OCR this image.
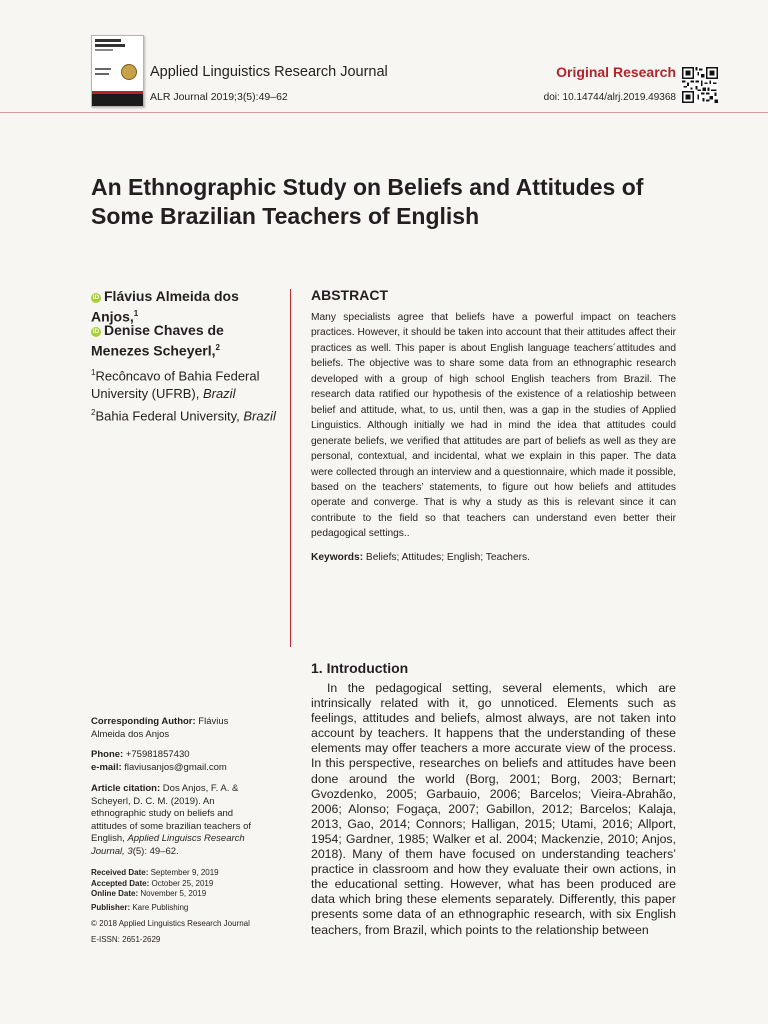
Applied Linguistics Research Journal
ALR Journal 2019;3(5):49–62
Original Research
doi: 10.14744/alrj.2019.49368
An Ethnographic Study on Beliefs and Attitudes of Some Brazilian Teachers of English
iD Flávius Almeida dos Anjos,$^1$
iD Denise Chaves de Menezes Scheyerl,$^2$
$^1$Recôncavo of Bahia Federal University (UFRB), Brazil
$^2$Bahia Federal University, Brazil
Corresponding Author: Flávius Almeida dos Anjos
Phone: +75981857430
e-mail: flaviusanjos@gmail.com
Article citation: Dos Anjos, F. A. & Scheyerl, D. C. M. (2019). An ethnographic study on beliefs and attitudes of some brazilian teachers of English, Applied Linguiscs Research Journal, 3(5): 49–62.
Received Date: September 9, 2019
Accepted Date: October 25, 2019
Online Date: November 5, 2019
Publisher: Kare Publishing
© 2018 Applied Linguistics Research Journal
E-ISSN: 2651-2629
ABSTRACT
Many specialists agree that beliefs have a powerful impact on teachers practices. However, it should be taken into account that their attitudes affect their practices as well. This paper is about English language teachers´attitudes and beliefs. The objective was to share some data from an ethnographic research developed with a group of high school English teachers from Brazil. The research data ratified our hypothesis of the existence of a relatioship between belief and attitude, what, to us, until then, was a gap in the studies of Applied Linguistics. Although initially we had in mind the idea that attitudes could generate beliefs, we verified that attitudes are part of beliefs as well as they are personal, contextual, and incidental, what we explain in this paper. The data were collected through an interview and a questionnaire, which made it possible, based on the teachers’ statements, to figure out how beliefs and attitudes operate and converge. That is why a study as this is relevant since it can contribute to the field so that teachers can understand even better their pedagogical settings..
Keywords: Beliefs; Attitudes; English; Teachers.
1. Introduction
In the pedagogical setting, several elements, which are intrinsically related with it, go unnoticed. Elements such as feelings, attitudes and beliefs, almost always, are not taken into account by teachers. It happens that the understanding of these elements may offer teachers a more accurate view of the process. In this perspective, researches on beliefs and attitudes have been done around the world (Borg, 2001; Borg, 2003; Bernart; Gvozdenko, 2005; Garbauio, 2006; Barcelos; Vieira-Abrahão, 2006; Alonso; Fogaça, 2007; Gabillon, 2012; Barcelos; Kalaja, 2013, Gao, 2014; Connors; Halligan, 2015; Utami, 2016; Allport, 1954; Gardner, 1985; Walker et al. 2004; Mackenzie, 2010; Anjos, 2018). Many of them have focused on understanding teachers’ practice in classroom and how they evaluate their own actions, in the educational setting. However, what has been produced are data which bring these elements separately. Differently, this paper presents some data of an ethnographic research, with six English teachers, from Brazil, which points to the relationship between
